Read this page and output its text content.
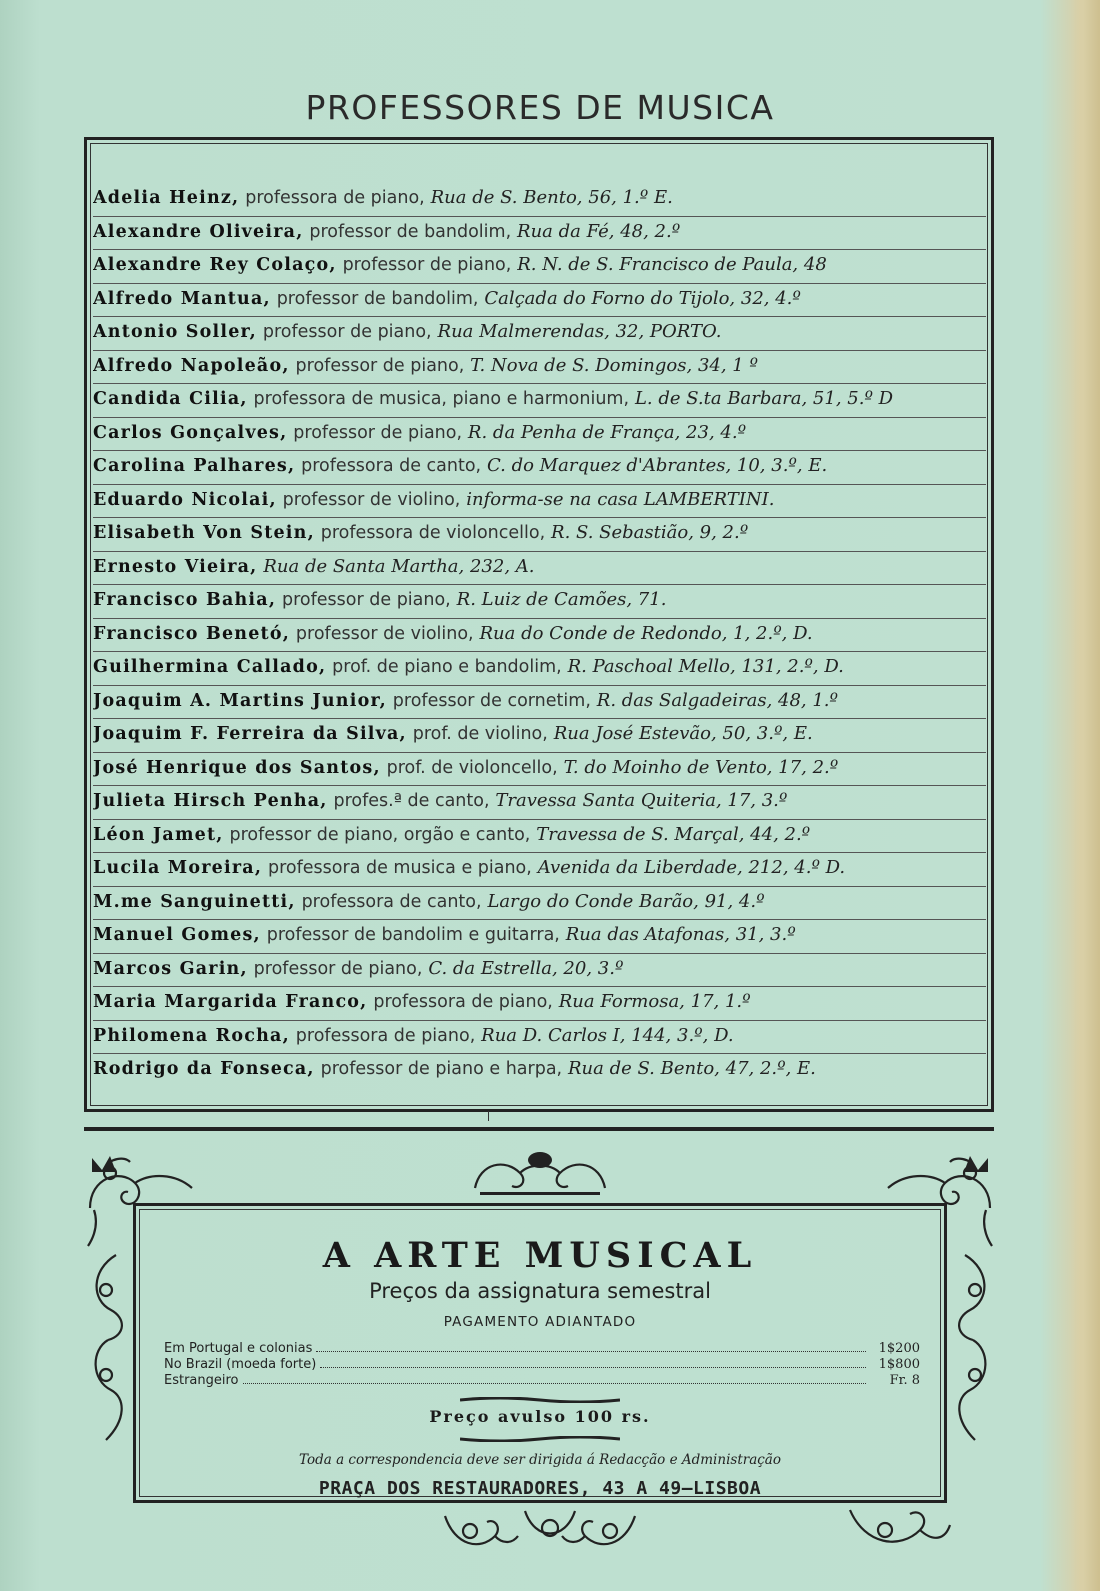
PROFESSORES DE MUSICA
Adelia Heinz, professora de piano, Rua de S. Bento, 56, 1.º E.
Alexandre Oliveira, professor de bandolim, Rua da Fé, 48, 2.º
Alexandre Rey Colaço, professor de piano, R. N. de S. Francisco de Paula, 48
Alfredo Mantua, professor de bandolim, Calçada do Forno do Tijolo, 32, 4.º
Antonio Soller, professor de piano, Rua Malmerendas, 32, PORTO.
Alfredo Napoleão, professor de piano, T. Nova de S. Domingos, 34, 1 º
Candida Cilia, professora de musica, piano e harmonium, L. de S.ta Barbara, 51, 5.º D
Carlos Gonçalves, professor de piano, R. da Penha de França, 23, 4.º
Carolina Palhares, professora de canto, C. do Marquez d'Abrantes, 10, 3.º, E.
Eduardo Nicolai, professor de violino, informa-se na casa LAMBERTINI.
Elisabeth Von Stein, professora de violoncello, R. S. Sebastião, 9, 2.º
Ernesto Vieira, Rua de Santa Martha, 232, A.
Francisco Bahia, professor de piano, R. Luiz de Camões, 71.
Francisco Benetó, professor de violino, Rua do Conde de Redondo, 1, 2.º, D.
Guilhermina Callado, prof. de piano e bandolim, R. Paschoal Mello, 131, 2.º, D.
Joaquim A. Martins Junior, professor de cornetim, R. das Salgadeiras, 48, 1.º
Joaquim F. Ferreira da Silva, prof. de violino, Rua José Estevão, 50, 3.º, E.
José Henrique dos Santos, prof. de violoncello, T. do Moinho de Vento, 17, 2.º
Julieta Hirsch Penha, profes.ª de canto, Travessa Santa Quiteria, 17, 3.º
Léon Jamet, professor de piano, orgão e canto, Travessa de S. Marçal, 44, 2.º
Lucila Moreira, professora de musica e piano, Avenida da Liberdade, 212, 4.º D.
M.me Sanguinetti, professora de canto, Largo do Conde Barão, 91, 4.º
Manuel Gomes, professor de bandolim e guitarra, Rua das Atafonas, 31, 3.º
Marcos Garin, professor de piano, C. da Estrella, 20, 3.º
Maria Margarida Franco, professora de piano, Rua Formosa, 17, 1.º
Philomena Rocha, professora de piano, Rua D. Carlos I, 144, 3.º, D.
Rodrigo da Fonseca, professor de piano e harpa, Rua de S. Bento, 47, 2.º, E.
A ARTE MUSICAL
Preços da assignatura semestral
PAGAMENTO ADIANTADO
Em Portugal e colonias	1$200
No Brazil (moeda forte)	1$800
Estrangeiro	Fr. 8
Preço avulso 100 rs.
Toda a correspondencia deve ser dirigida á Redacção e Administração
PRAÇA DOS RESTAURADORES, 43 A 49—LISBOA
